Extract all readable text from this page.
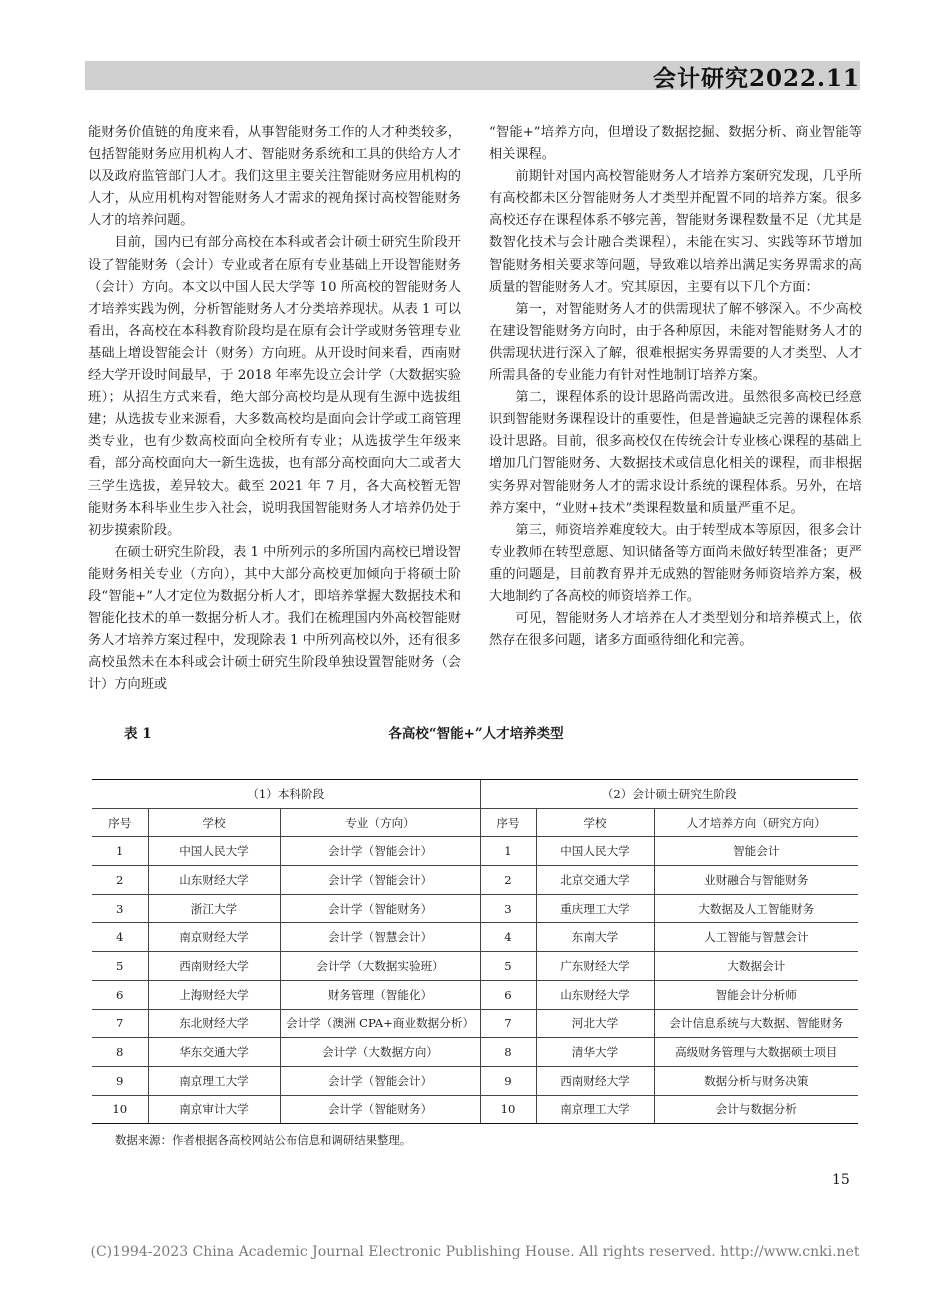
会计研究2022.11

能财务价值链的角度来看，从事智能财务工作的人才种类较多，包括智能财务应用机构人才、智能财务系统和工具的供给方人才以及政府监管部门人才。我们这里主要关注智能财务应用机构的人才，从应用机构对智能财务人才需求的视角探讨高校智能财务人才的培养问题。

目前，国内已有部分高校在本科或者会计硕士研究生阶段开设了智能财务（会计）专业或者在原有专业基础上开设智能财务（会计）方向。本文以中国人民大学等 10 所高校的智能财务人才培养实践为例，分析智能财务人才分类培养现状。从表 1 可以看出，各高校在本科教育阶段均是在原有会计学或财务管理专业基础上增设智能会计（财务）方向班。从开设时间来看，西南财经大学开设时间最早，于 2018 年率先设立会计学（大数据实验班）；从招生方式来看，绝大部分高校均是从现有生源中选拔组建；从选拔专业来源看，大多数高校均是面向会计学或工商管理类专业，也有少数高校面向全校所有专业；从选拔学生年级来看，部分高校面向大一新生选拔，也有部分高校面向大二或者大三学生选拔，差异较大。截至 2021 年 7 月，各大高校暂无智能财务本科毕业生步入社会，说明我国智能财务人才培养仍处于初步摸索阶段。

在硕士研究生阶段，表 1 中所列示的多所国内高校已增设智能财务相关专业（方向），其中大部分高校更加倾向于将硕士阶段“智能+”人才定位为数据分析人才，即培养掌握大数据技术和智能化技术的单一数据分析人才。我们在梳理国内外高校智能财务人才培养方案过程中，发现除表 1 中所列高校以外，还有很多高校虽然未在本科或会计硕士研究生阶段单独设置智能财务（会计）方向班或

“智能+”培养方向，但增设了数据挖掘、数据分析、商业智能等相关课程。

前期针对国内高校智能财务人才培养方案研究发现，几乎所有高校都未区分智能财务人才类型并配置不同的培养方案。很多高校还存在课程体系不够完善，智能财务课程数量不足（尤其是数智化技术与会计融合类课程），未能在实习、实践等环节增加智能财务相关要求等问题，导致难以培养出满足实务界需求的高质量的智能财务人才。究其原因，主要有以下几个方面：

第一，对智能财务人才的供需现状了解不够深入。不少高校在建设智能财务方向时，由于各种原因，未能对智能财务人才的供需现状进行深入了解，很难根据实务界需要的人才类型、人才所需具备的专业能力有针对性地制订培养方案。

第二，课程体系的设计思路尚需改进。虽然很多高校已经意识到智能财务课程设计的重要性，但是普遍缺乏完善的课程体系设计思路。目前，很多高校仅在传统会计专业核心课程的基础上增加几门智能财务、大数据技术或信息化相关的课程，而非根据实务界对智能财务人才的需求设计系统的课程体系。另外，在培养方案中，“业财+技术”类课程数量和质量严重不足。

第三，师资培养难度较大。由于转型成本等原因，很多会计专业教师在转型意愿、知识储备等方面尚未做好转型准备；更严重的问题是，目前教育界并无成熟的智能财务师资培养方案，极大地制约了各高校的师资培养工作。

可见，智能财务人才培养在人才类型划分和培养模式上，依然存在很多问题，诸多方面亟待细化和完善。

表 1	各高校“智能+”人才培养类型
（1）本科阶段			（2）会计硕士研究生阶段		
序号	学校	专业（方向）	序号	学校	人才培养方向（研究方向）
1	中国人民大学	会计学（智能会计）	1	中国人民大学	智能会计
2	山东财经大学	会计学（智能会计）	2	北京交通大学	业财融合与智能财务
3	浙江大学	会计学（智能财务）	3	重庆理工大学	大数据及人工智能财务
4	南京财经大学	会计学（智慧会计）	4	东南大学	人工智能与智慧会计
5	西南财经大学	会计学（大数据实验班）	5	广东财经大学	大数据会计
6	上海财经大学	财务管理（智能化）	6	山东财经大学	智能会计分析师
7	东北财经大学	会计学（澳洲 CPA+商业数据分析）	7	河北大学	会计信息系统与大数据、智能财务
8	华东交通大学	会计学（大数据方向）	8	清华大学	高级财务管理与大数据硕士项目
9	南京理工大学	会计学（智能会计）	9	西南财经大学	数据分析与财务决策
10	南京审计大学	会计学（智能财务）	10	南京理工大学	会计与数据分析
数据来源：作者根据各高校网站公布信息和调研结果整理。
15
(C)1994-2023 China Academic Journal Electronic Publishing House. All rights reserved. http://www.cnki.net
